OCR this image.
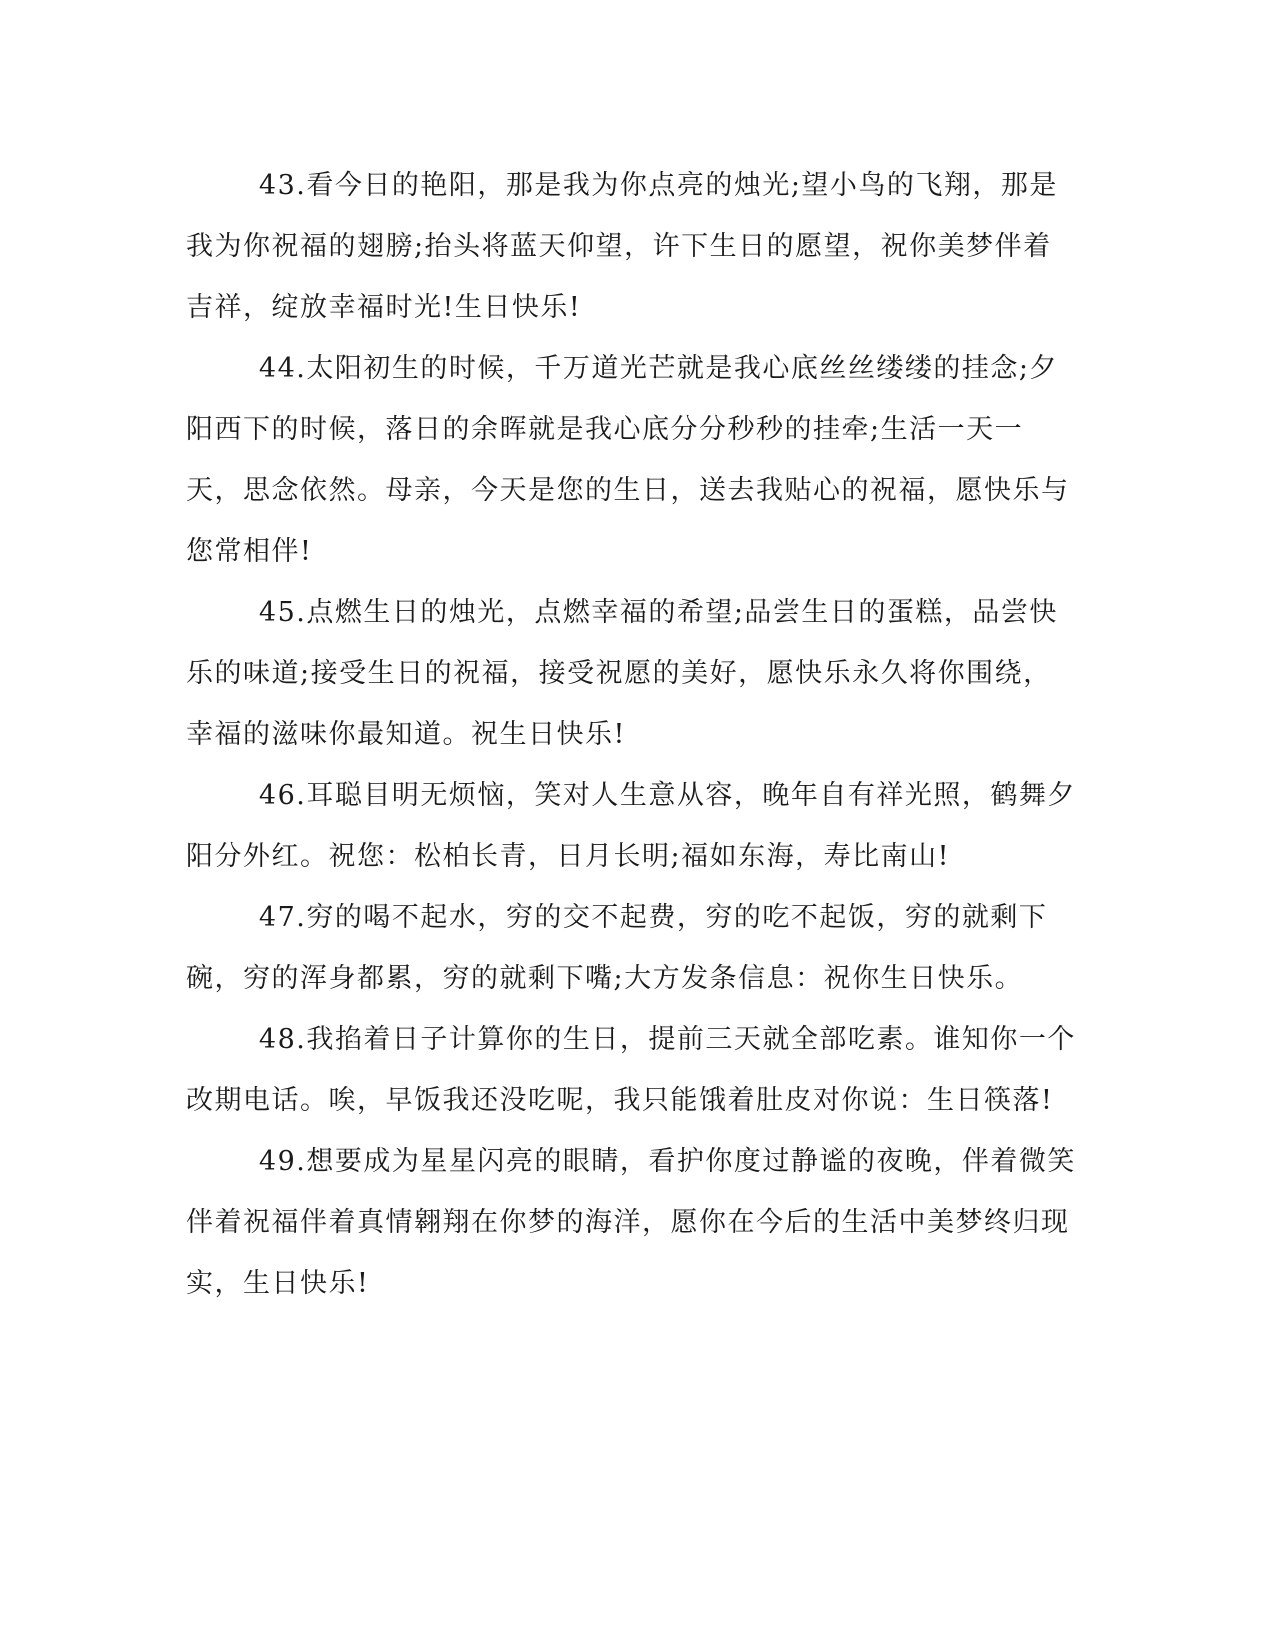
43.看今日的艳阳，那是我为你点亮的烛光;望小鸟的飞翔，那是我为你祝福的翅膀;抬头将蓝天仰望，许下生日的愿望，祝你美梦伴着吉祥，绽放幸福时光!生日快乐!

44.太阳初生的时候，千万道光芒就是我心底丝丝缕缕的挂念;夕阳西下的时候，落日的余晖就是我心底分分秒秒的挂牵;生活一天一天，思念依然。母亲，今天是您的生日，送去我贴心的祝福，愿快乐与您常相伴!

45.点燃生日的烛光，点燃幸福的希望;品尝生日的蛋糕，品尝快乐的味道;接受生日的祝福，接受祝愿的美好，愿快乐永久将你围绕，幸福的滋味你最知道。祝生日快乐!

46.耳聪目明无烦恼，笑对人生意从容，晚年自有祥光照，鹤舞夕阳分外红。祝您：松柏长青，日月长明;福如东海，寿比南山!

47.穷的喝不起水，穷的交不起费，穷的吃不起饭，穷的就剩下碗，穷的浑身都累，穷的就剩下嘴;大方发条信息：祝你生日快乐。

48.我掐着日子计算你的生日，提前三天就全部吃素。谁知你一个改期电话。唉，早饭我还没吃呢，我只能饿着肚皮对你说：生日筷落!

49.想要成为星星闪亮的眼睛，看护你度过静谧的夜晚，伴着微笑伴着祝福伴着真情翱翔在你梦的海洋，愿你在今后的生活中美梦终归现实，生日快乐!
